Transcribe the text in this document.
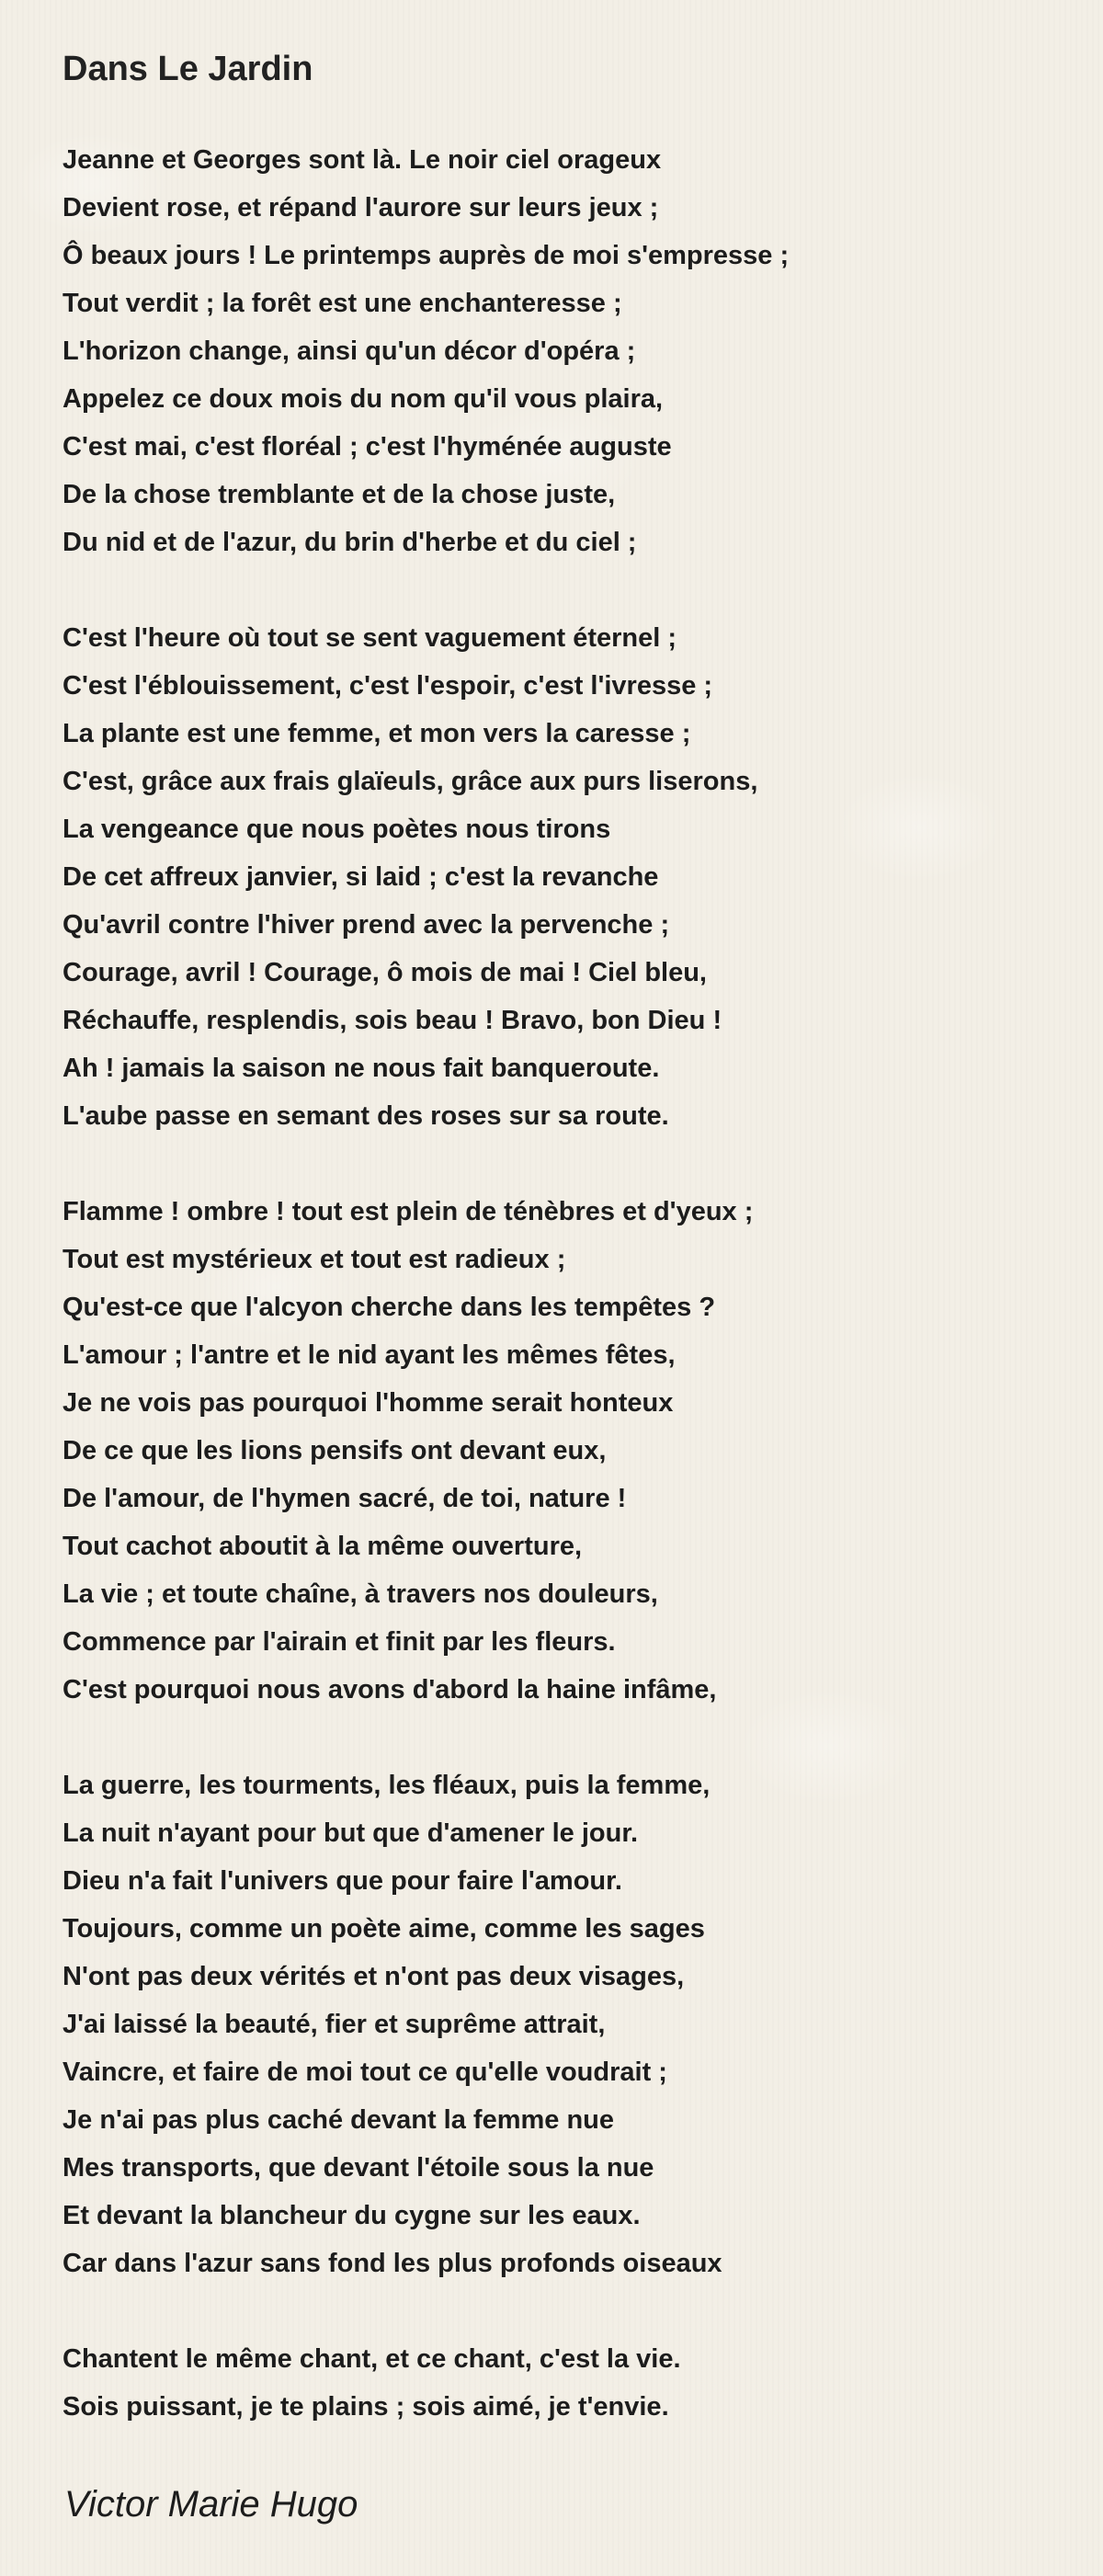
Dans Le Jardin
Jeanne et Georges sont là. Le noir ciel orageux
Devient rose, et répand l'aurore sur leurs jeux ;
Ô beaux jours ! Le printemps auprès de moi s'empresse ;
Tout verdit ; la forêt est une enchanteresse ;
L'horizon change, ainsi qu'un décor d'opéra ;
Appelez ce doux mois du nom qu'il vous plaira,
C'est mai, c'est floréal ; c'est l'hyménée auguste
De la chose tremblante et de la chose juste,
Du nid et de l'azur, du brin d'herbe et du ciel ;
C'est l'heure où tout se sent vaguement éternel ;
C'est l'éblouissement, c'est l'espoir, c'est l'ivresse ;
La plante est une femme, et mon vers la caresse ;
C'est, grâce aux frais glaïeuls, grâce aux purs liserons,
La vengeance que nous poètes nous tirons
De cet affreux janvier, si laid ; c'est la revanche
Qu'avril contre l'hiver prend avec la pervenche ;
Courage, avril ! Courage, ô mois de mai ! Ciel bleu,
Réchauffe, resplendis, sois beau ! Bravo, bon Dieu !
Ah ! jamais la saison ne nous fait banqueroute.
L'aube passe en semant des roses sur sa route.
Flamme ! ombre ! tout est plein de ténèbres et d'yeux ;
Tout est mystérieux et tout est radieux ;
Qu'est-ce que l'alcyon cherche dans les tempêtes ?
L'amour ; l'antre et le nid ayant les mêmes fêtes,
Je ne vois pas pourquoi l'homme serait honteux
De ce que les lions pensifs ont devant eux,
De l'amour, de l'hymen sacré, de toi, nature !
Tout cachot aboutit à la même ouverture,
La vie ; et toute chaîne, à travers nos douleurs,
Commence par l'airain et finit par les fleurs.
C'est pourquoi nous avons d'abord la haine infâme,
La guerre, les tourments, les fléaux, puis la femme,
La nuit n'ayant pour but que d'amener le jour.
Dieu n'a fait l'univers que pour faire l'amour.
Toujours, comme un poète aime, comme les sages
N'ont pas deux vérités et n'ont pas deux visages,
J'ai laissé la beauté, fier et suprême attrait,
Vaincre, et faire de moi tout ce qu'elle voudrait ;
Je n'ai pas plus caché devant la femme nue
Mes transports, que devant l'étoile sous la nue
Et devant la blancheur du cygne sur les eaux.
Car dans l'azur sans fond les plus profonds oiseaux
Chantent le même chant, et ce chant, c'est la vie.
Sois puissant, je te plains ; sois aimé, je t'envie.
Victor Marie Hugo
